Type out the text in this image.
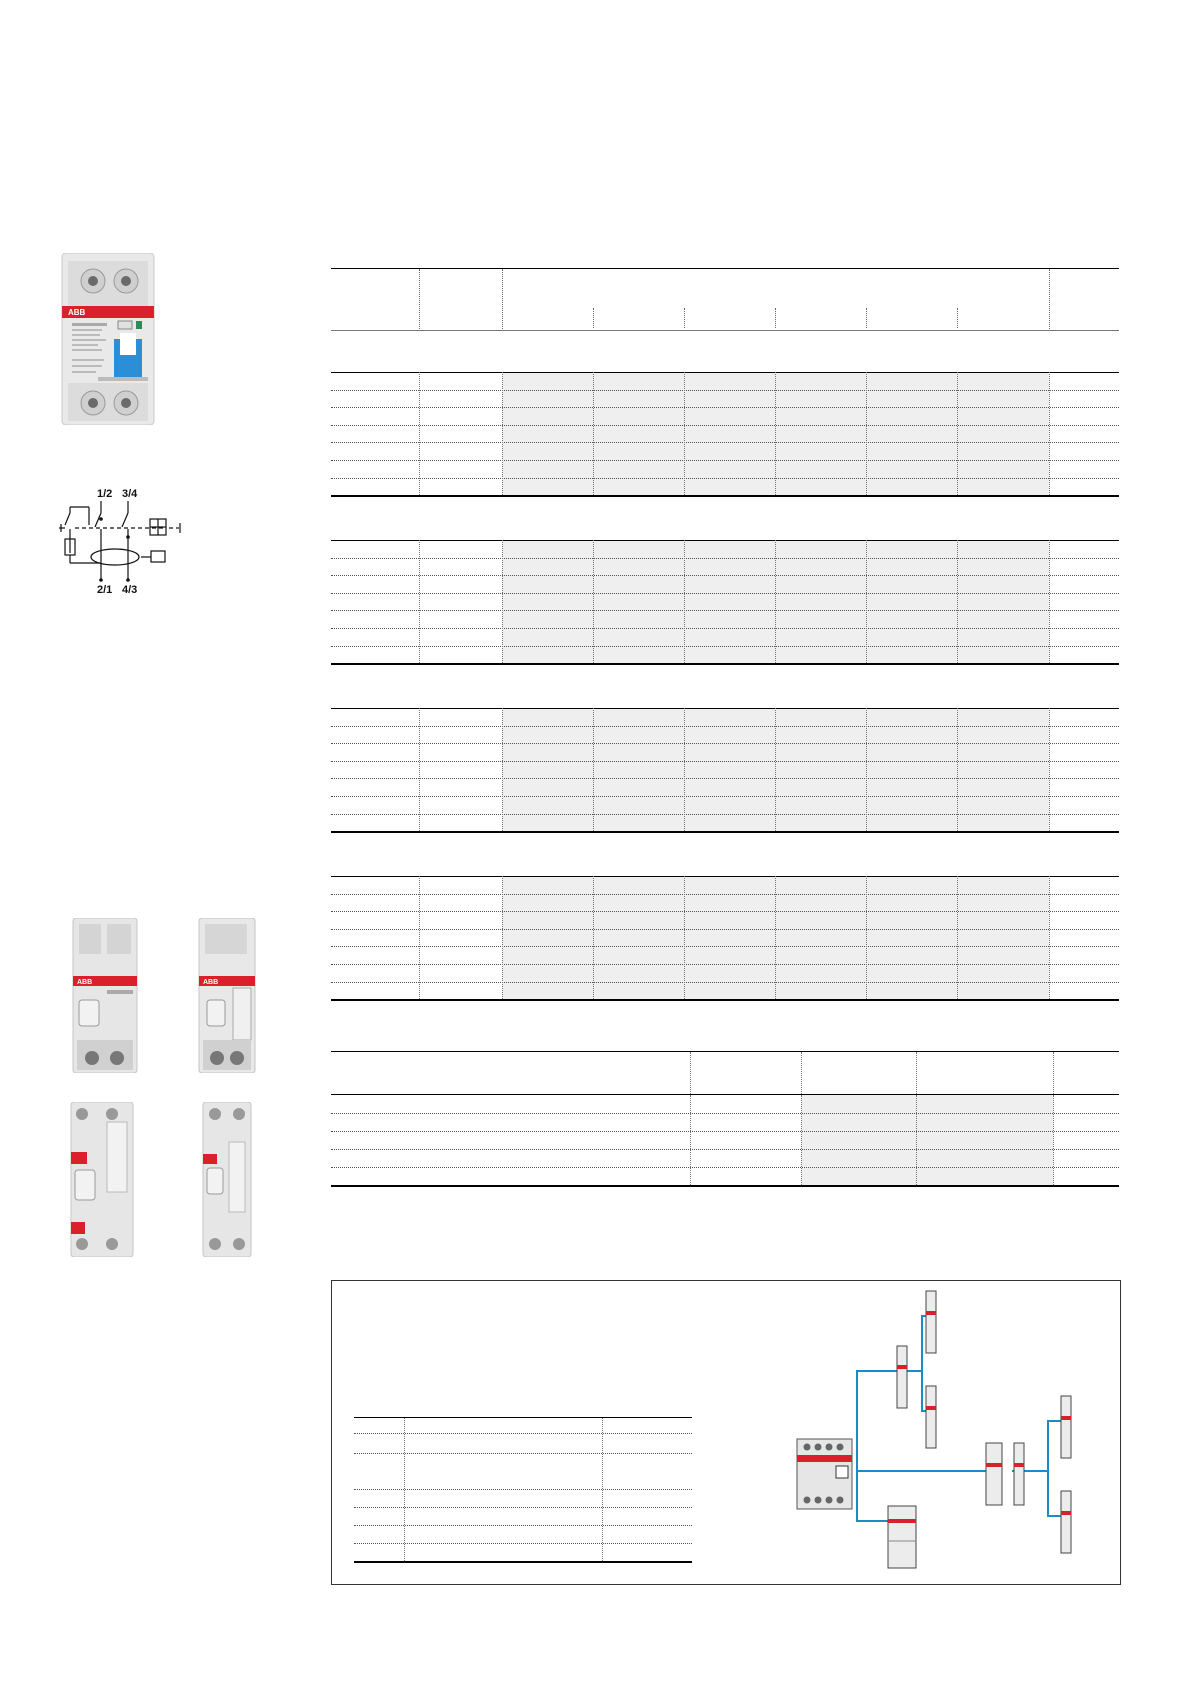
ABB
1/2 3/4
2/1 4/3
ABB	ABB
